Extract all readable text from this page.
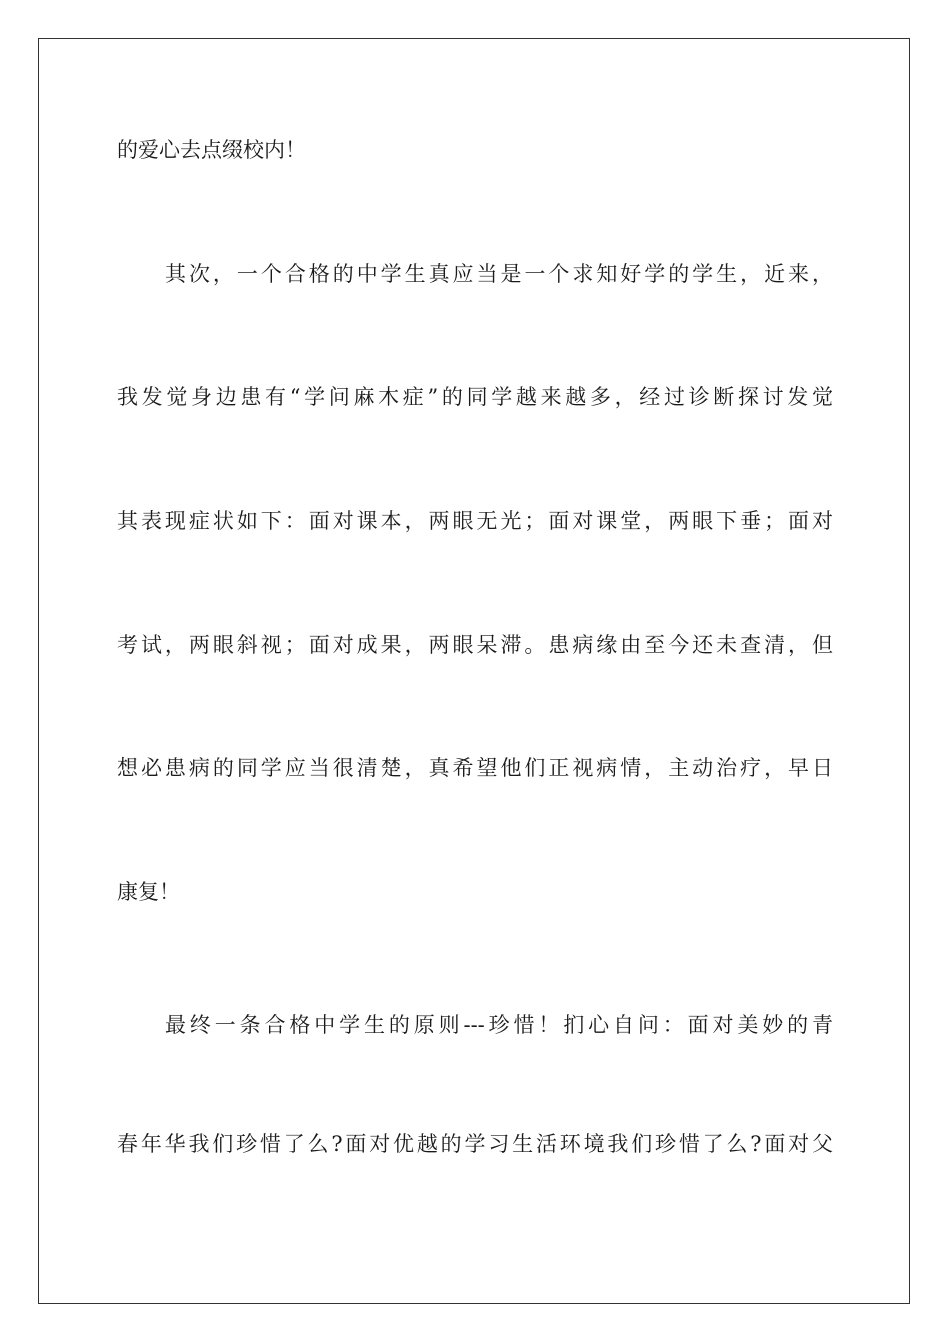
的爱心去点缀校内！
其次，一个合格的中学生真应当是一个求知好学的学生，近来，
我发觉身边患有“学问麻木症”的同学越来越多，经过诊断探讨发觉
其表现症状如下：面对课本，两眼无光；面对课堂，两眼下垂；面对
考试，两眼斜视；面对成果，两眼呆滞。患病缘由至今还未查清，但
想必患病的同学应当很清楚，真希望他们正视病情，主动治疗，早日
康复！
最终一条合格中学生的原则---珍惜！扪心自问：面对美妙的青
春年华我们珍惜了么?面对优越的学习生活环境我们珍惜了么?面对父
